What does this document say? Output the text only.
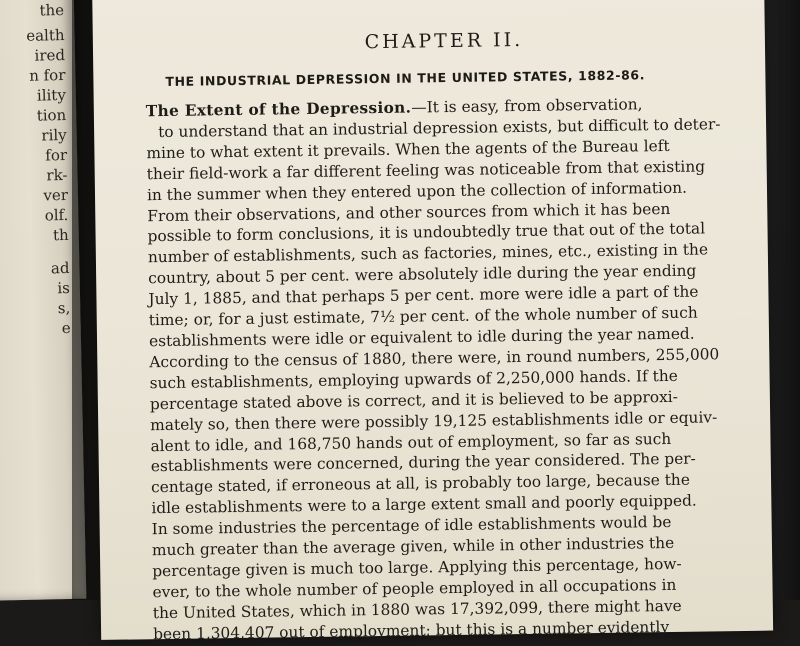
the
ealth
ired
n for
ility
tion
rily
for
rk-
ver
olf.
th
ad
is
s,
e
CHAPTER II.
THE INDUSTRIAL DEPRESSION IN THE UNITED STATES, 1882-86.
The Extent of the Depression.—It is easy, from observation,
to understand that an industrial depression exists, but difficult to deter-
mine to what extent it prevails. When the agents of the Bureau left
their field-work a far different feeling was noticeable from that existing
in the summer when they entered upon the collection of information.
From their observations, and other sources from which it has been
possible to form conclusions, it is undoubtedly true that out of the total
number of establishments, such as factories, mines, etc., existing in the
country, about 5 per cent. were absolutely idle during the year ending
July 1, 1885, and that perhaps 5 per cent. more were idle a part of the
time; or, for a just estimate, 7½ per cent. of the whole number of such
establishments were idle or equivalent to idle during the year named.
According to the census of 1880, there were, in round numbers, 255,000
such establishments, employing upwards of 2,250,000 hands. If the
percentage stated above is correct, and it is believed to be approxi-
mately so, then there were possibly 19,125 establishments idle or equiv-
alent to idle, and 168,750 hands out of employment, so far as such
establishments were concerned, during the year considered. The per-
centage stated, if erroneous at all, is probably too large, because the
idle establishments were to a large extent small and poorly equipped.
In some industries the percentage of idle establishments would be
much greater than the average given, while in other industries the
percentage given is much too large. Applying this percentage, how-
ever, to the whole number of people employed in all occupations in
the United States, which in 1880 was 17,392,099, there might have
been 1,304,407 out of employment; but this is a number evidently
